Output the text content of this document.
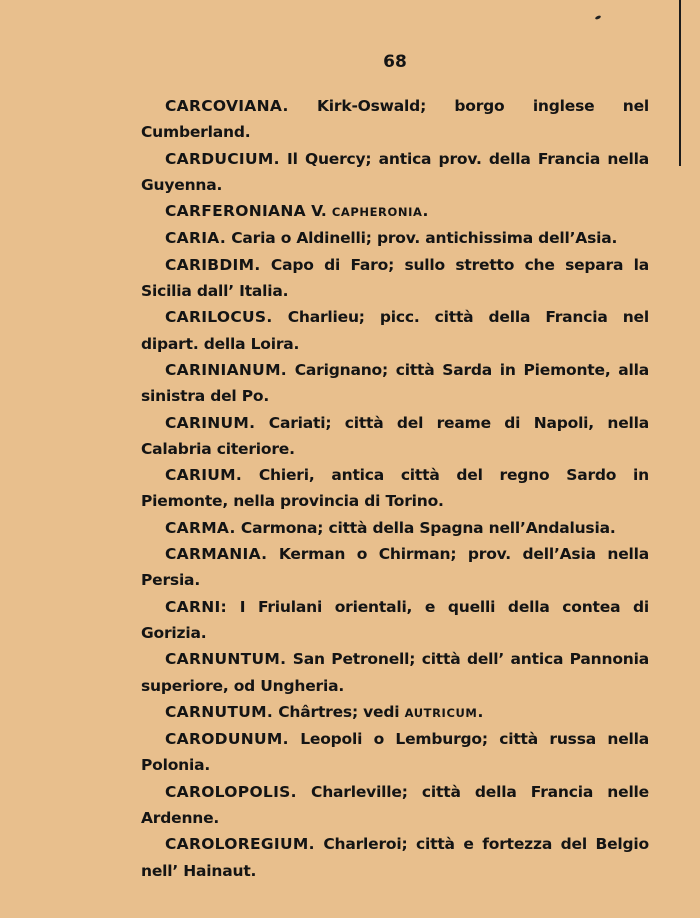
68
CARCOVIANA. Kirk-Oswald; borgo inglese nel Cumberland.
CARDUCIUM. Il Quercy; antica prov. della Francia nella Guyenna.
CARFERONIANA V. CAPHERONIA.
CARIA. Caria o Aldinelli; prov. antichissima dell’Asia.
CARIBDIM. Capo di Faro; sullo stretto che separa la Sicilia dall’ Italia.
CARILOCUS. Charlieu; picc. città della Francia nel dipart. della Loira.
CARINIANUM. Carignano; città Sarda in Piemonte, alla sinistra del Po.
CARINUM. Cariati; città del reame di Napoli, nella Calabria citeriore.
CARIUM. Chieri, antica città del regno Sardo in Piemonte, nella provincia di Torino.
CARMA. Carmona; città della Spagna nell’Andalusia.
CARMANIA. Kerman o Chirman; prov. dell’Asia nella Persia.
CARNI: I Friulani orientali, e quelli della contea di Gorizia.
CARNUNTUM. San Petronell; città dell’ antica Pannonia superiore, od Ungheria.
CARNUTUM. Chârtres; vedi AUTRICUM.
CARODUNUM. Leopoli o Lemburgo; città russa nella Polonia.
CAROLOPOLIS. Charleville; città della Francia nelle Ardenne.
CAROLOREGIUM. Charleroi; città e fortezza del Belgio nell’ Hainaut.
